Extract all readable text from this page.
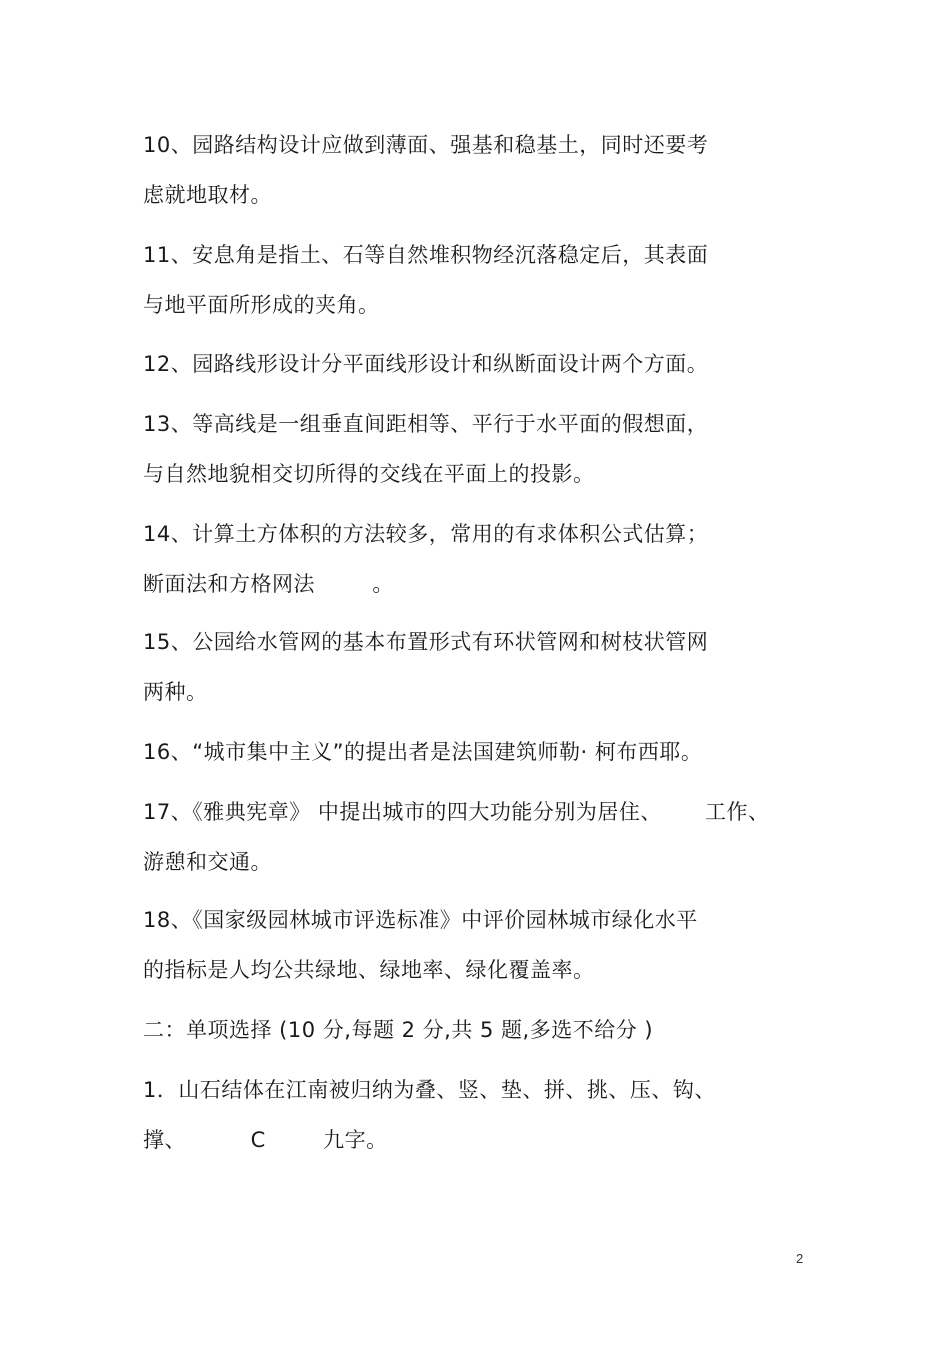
10、园路结构设计应做到薄面、强基和稳基土，同时还要考
虑就地取材。
11、安息角是指土、石等自然堆积物经沉落稳定后，其表面
与地平面所形成的夹角。
12、园路线形设计分平面线形设计和纵断面设计两个方面。
13、等高线是一组垂直间距相等、平行于水平面的假想面，
与自然地貌相交切所得的交线在平面上的投影。
14、计算土方体积的方法较多，常用的有求体积公式估算；
断面法和方格网法        。
15、公园给水管网的基本布置形式有环状管网和树枝状管网
两种。
16、“城市集中主义”的提出者是法国建筑师勒· 柯布西耶。
17、《雅典宪章》 中提出城市的四大功能分别为居住、      工作、
游憩和交通。
18、《国家级园林城市评选标准》中评价园林城市绿化水平
的指标是人均公共绿地、绿地率、绿化覆盖率。
二：单项选择 (10 分,每题 2 分,共 5 题,多选不给分 )
1．山石结体在江南被归纳为叠、竖、垫、拼、挑、压、钩、
撑、         C        九字。
2
